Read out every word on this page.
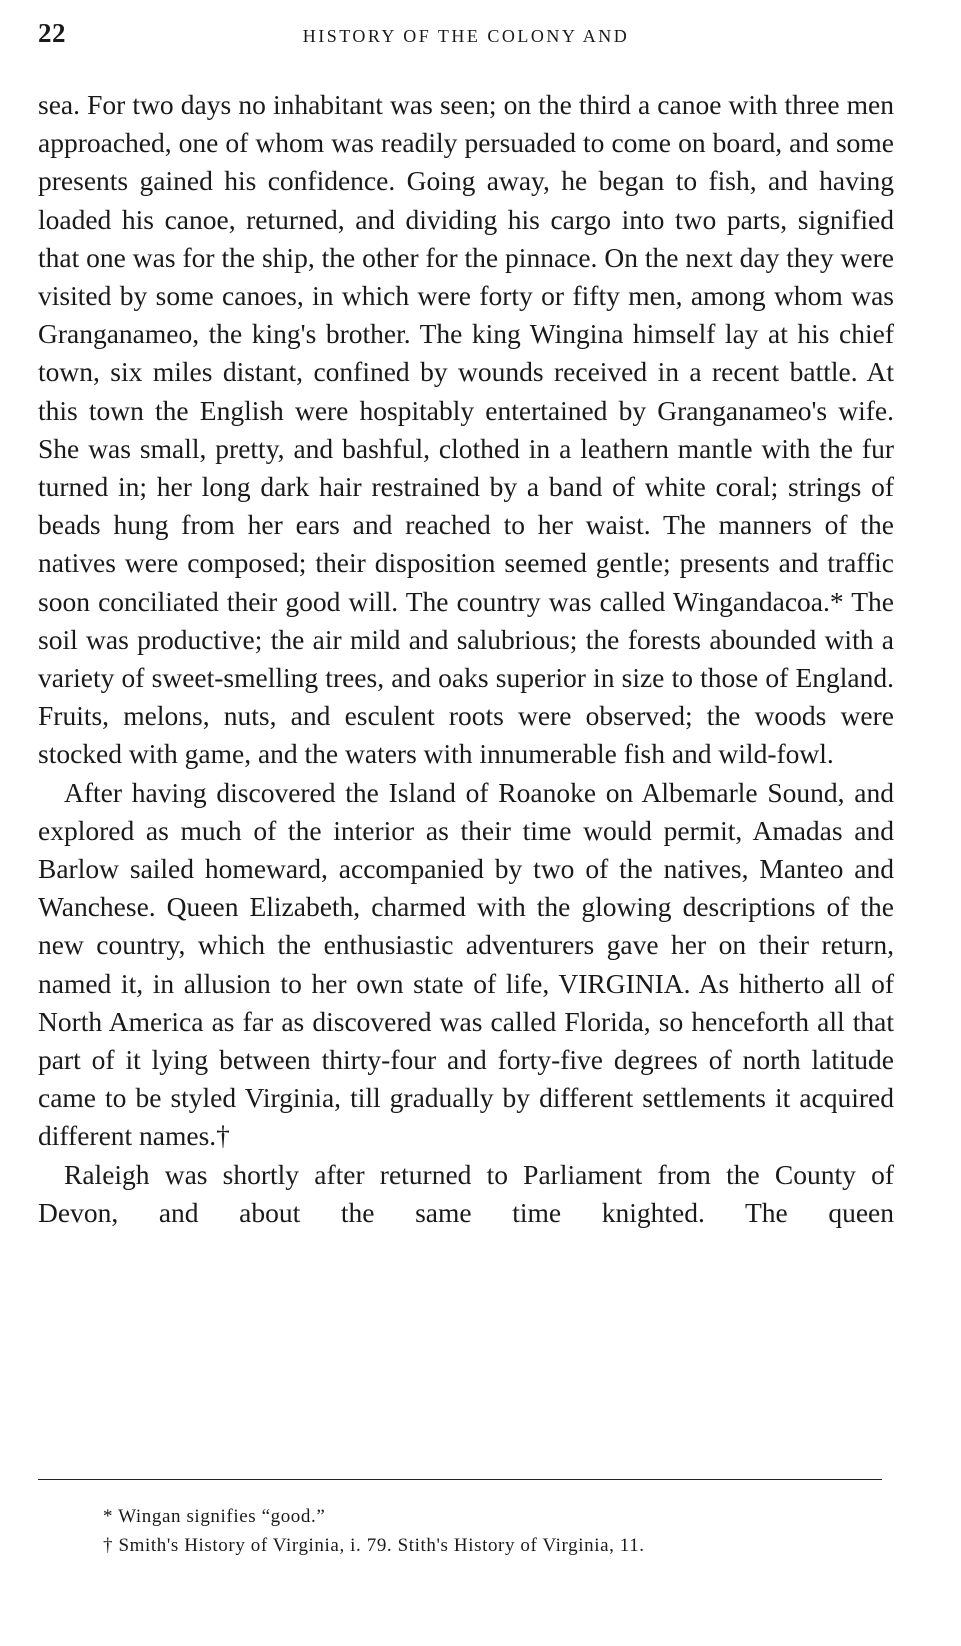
22	HISTORY OF THE COLONY AND

sea. For two days no inhabitant was seen; on the third a canoe with three men approached, one of whom was readily persuaded to come on board, and some presents gained his confidence. Going away, he began to fish, and having loaded his canoe, returned, and dividing his cargo into two parts, signified that one was for the ship, the other for the pinnace. On the next day they were visited by some canoes, in which were forty or fifty men, among whom was Granganameo, the king's brother. The king Wingina himself lay at his chief town, six miles distant, confined by wounds received in a recent battle. At this town the English were hospitably entertained by Granganameo's wife. She was small, pretty, and bashful, clothed in a leathern mantle with the fur turned in; her long dark hair restrained by a band of white coral; strings of beads hung from her ears and reached to her waist. The manners of the natives were composed; their disposition seemed gentle; presents and traffic soon conciliated their good will. The country was called Wingandacoa.* The soil was productive; the air mild and salubrious; the forests abounded with a variety of sweet-smelling trees, and oaks superior in size to those of England. Fruits, melons, nuts, and esculent roots were observed; the woods were stocked with game, and the waters with innumerable fish and wild-fowl.

After having discovered the Island of Roanoke on Albemarle Sound, and explored as much of the interior as their time would permit, Amadas and Barlow sailed homeward, accompanied by two of the natives, Manteo and Wanchese. Queen Elizabeth, charmed with the glowing descriptions of the new country, which the enthusiastic adventurers gave her on their return, named it, in allusion to her own state of life, VIRGINIA. As hitherto all of North America as far as discovered was called Florida, so henceforth all that part of it lying between thirty-four and forty-five degrees of north latitude came to be styled Virginia, till gradually by different settlements it acquired different names.†

Raleigh was shortly after returned to Parliament from the County of Devon, and about the same time knighted. The queen

* Wingan signifies “good.”

† Smith's History of Virginia, i. 79. Stith's History of Virginia, 11.
